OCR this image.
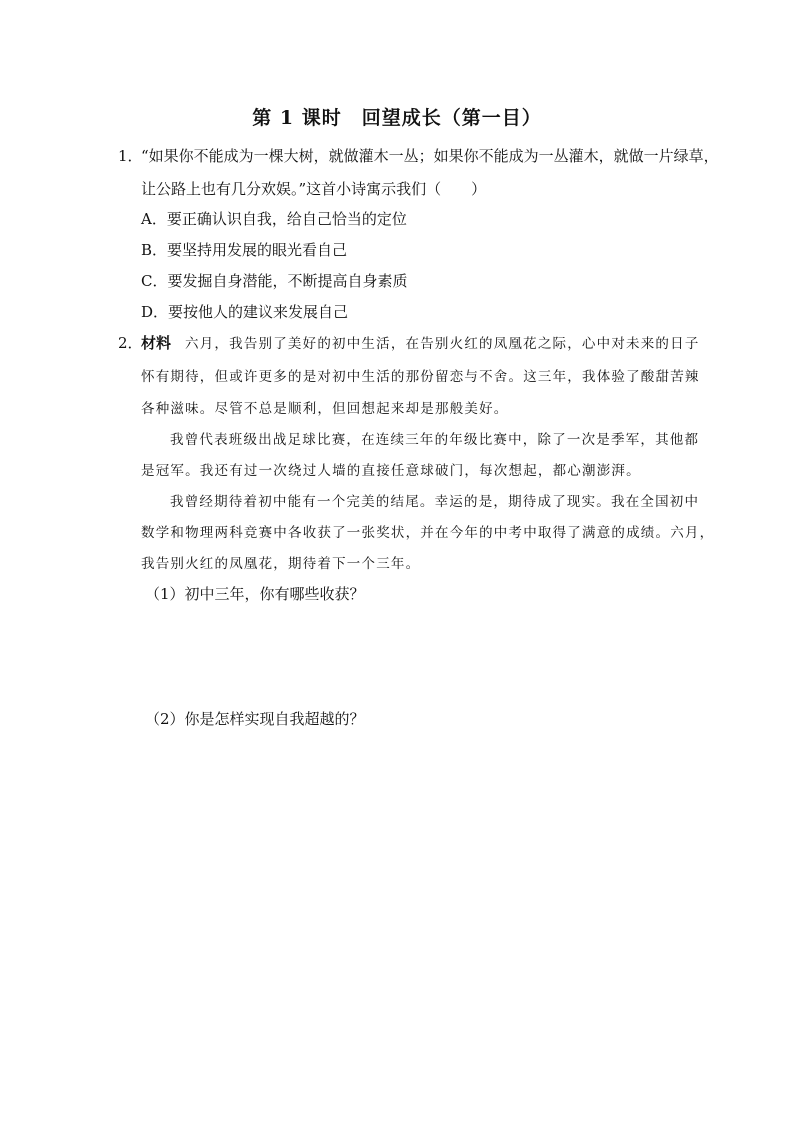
第 1 课时　回望成长（第一目）
1．
“如果你不能成为一棵大树，就做灌木一丛；如果你不能成为一丛灌木，就做一片绿草，
让公路上也有几分欢娱。”这首小诗寓示我们（　　）
A．要正确认识自我，给自己恰当的定位
B．要坚持用发展的眼光看自己
C．要发掘自身潜能，不断提高自身素质
D．要按他人的建议来发展自己
2．
材料 六月，我告别了美好的初中生活，在告别火红的凤凰花之际，心中对未来的日子
怀有期待，但或许更多的是对初中生活的那份留恋与不舍。这三年，我体验了酸甜苦辣
各种滋味。尽管不总是顺利，但回想起来却是那般美好。
我曾代表班级出战足球比赛，在连续三年的年级比赛中，除了一次是季军，其他都
是冠军。我还有过一次绕过人墙的直接任意球破门，每次想起，都心潮澎湃。
我曾经期待着初中能有一个完美的结尾。幸运的是，期待成了现实。我在全国初中
数学和物理两科竞赛中各收获了一张奖状，并在今年的中考中取得了满意的成绩。六月，
我告别火红的凤凰花，期待着下一个三年。
（1）初中三年，你有哪些收获？
（2）你是怎样实现自我超越的？
